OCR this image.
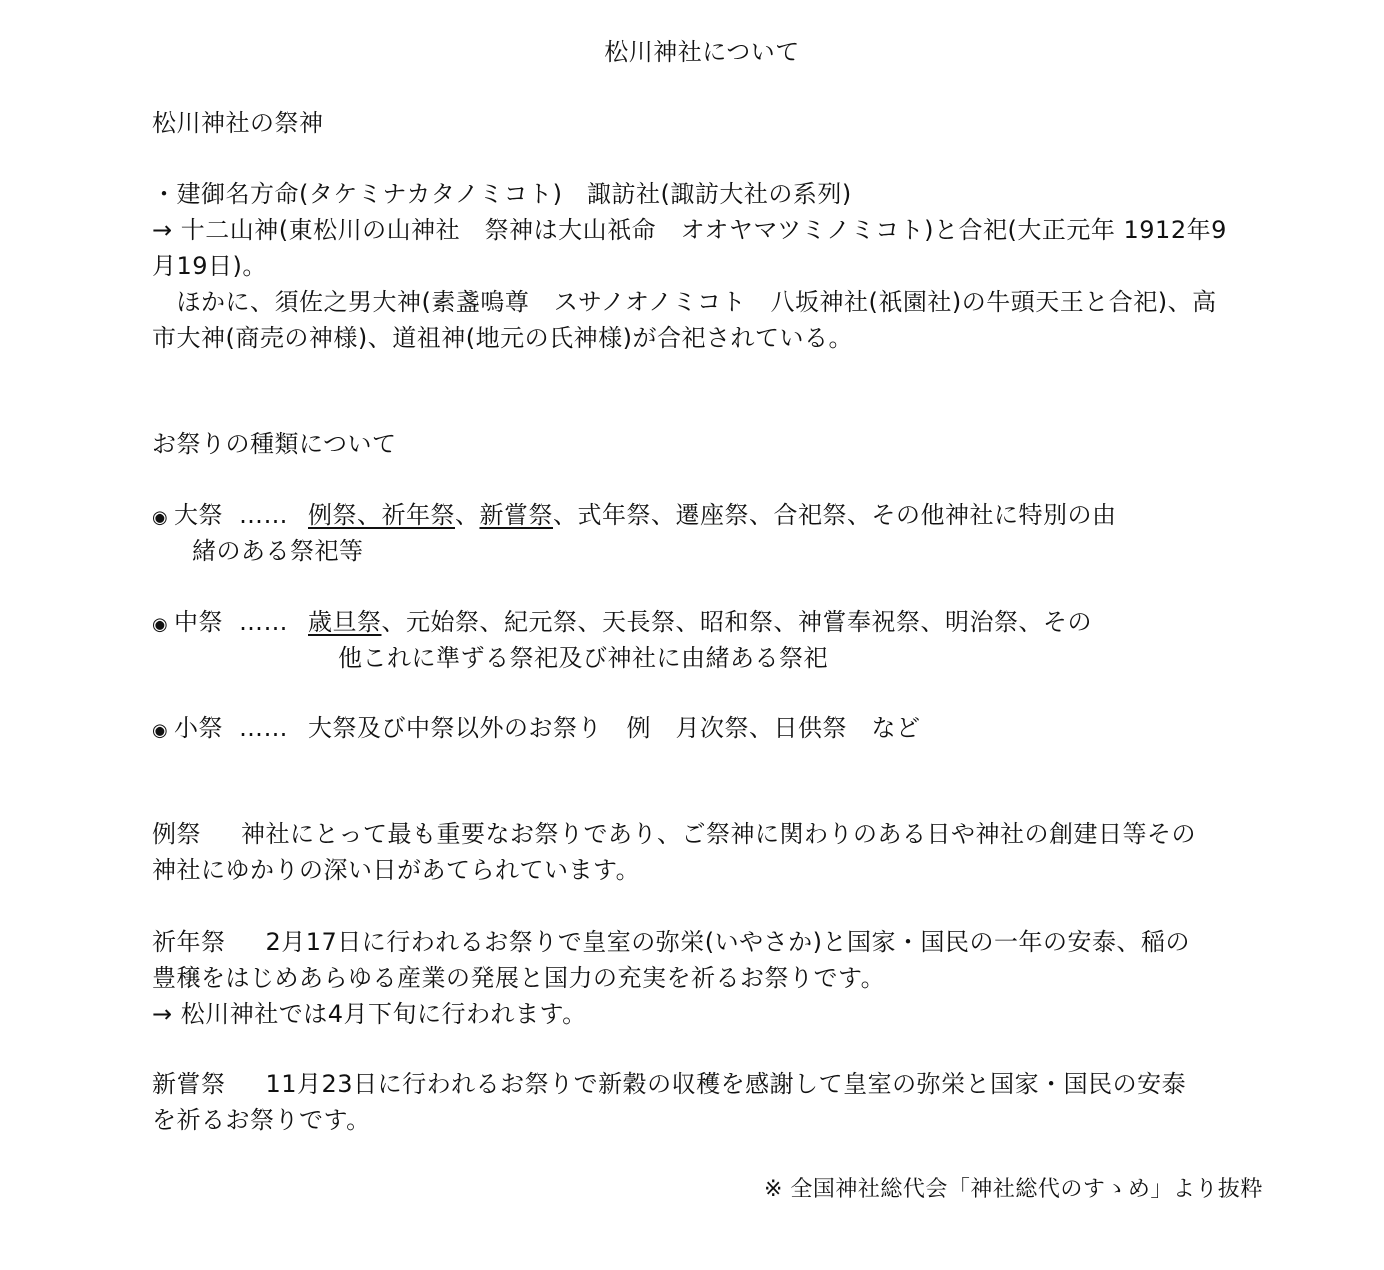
松川神社について
松川神社の祭神
・建御名方命(タケミナカタノミコト)　諏訪社(諏訪大社の系列)
→ 十二山神(東松川の山神社　祭神は大山祇命　オオヤマツミノミコト)と合祀(大正元年 1912年9
月19日)。
　ほかに、須佐之男大神(素盞嗚尊　スサノオノミコト　八坂神社(祇園社)の牛頭天王と合祀)、高
市大神(商売の神様)、道祖神(地元の氏神様)が合祀されている。
お祭りの種類について
◉ 大祭 …… 例祭、祈年祭、新嘗祭、式年祭、遷座祭、合祀祭、その他神社に特別の由
緒のある祭祀等
◉ 中祭 …… 歳旦祭、元始祭、紀元祭、天長祭、昭和祭、神嘗奉祝祭、明治祭、その
他これに準ずる祭祀及び神社に由緒ある祭祀
◉ 小祭 …… 大祭及び中祭以外のお祭り　例　月次祭、日供祭　など
例祭 神社にとって最も重要なお祭りであり、ご祭神に関わりのある日や神社の創建日等その
神社にゆかりの深い日があてられています。
祈年祭 2月17日に行われるお祭りで皇室の弥栄(いやさか)と国家・国民の一年の安泰、稲の
豊穣をはじめあらゆる産業の発展と国力の充実を祈るお祭りです。
→ 松川神社では4月下旬に行われます。
新嘗祭 11月23日に行われるお祭りで新穀の収穫を感謝して皇室の弥栄と国家・国民の安泰
を祈るお祭りです。
※ 全国神社総代会「神社総代のすゝめ」より抜粋
